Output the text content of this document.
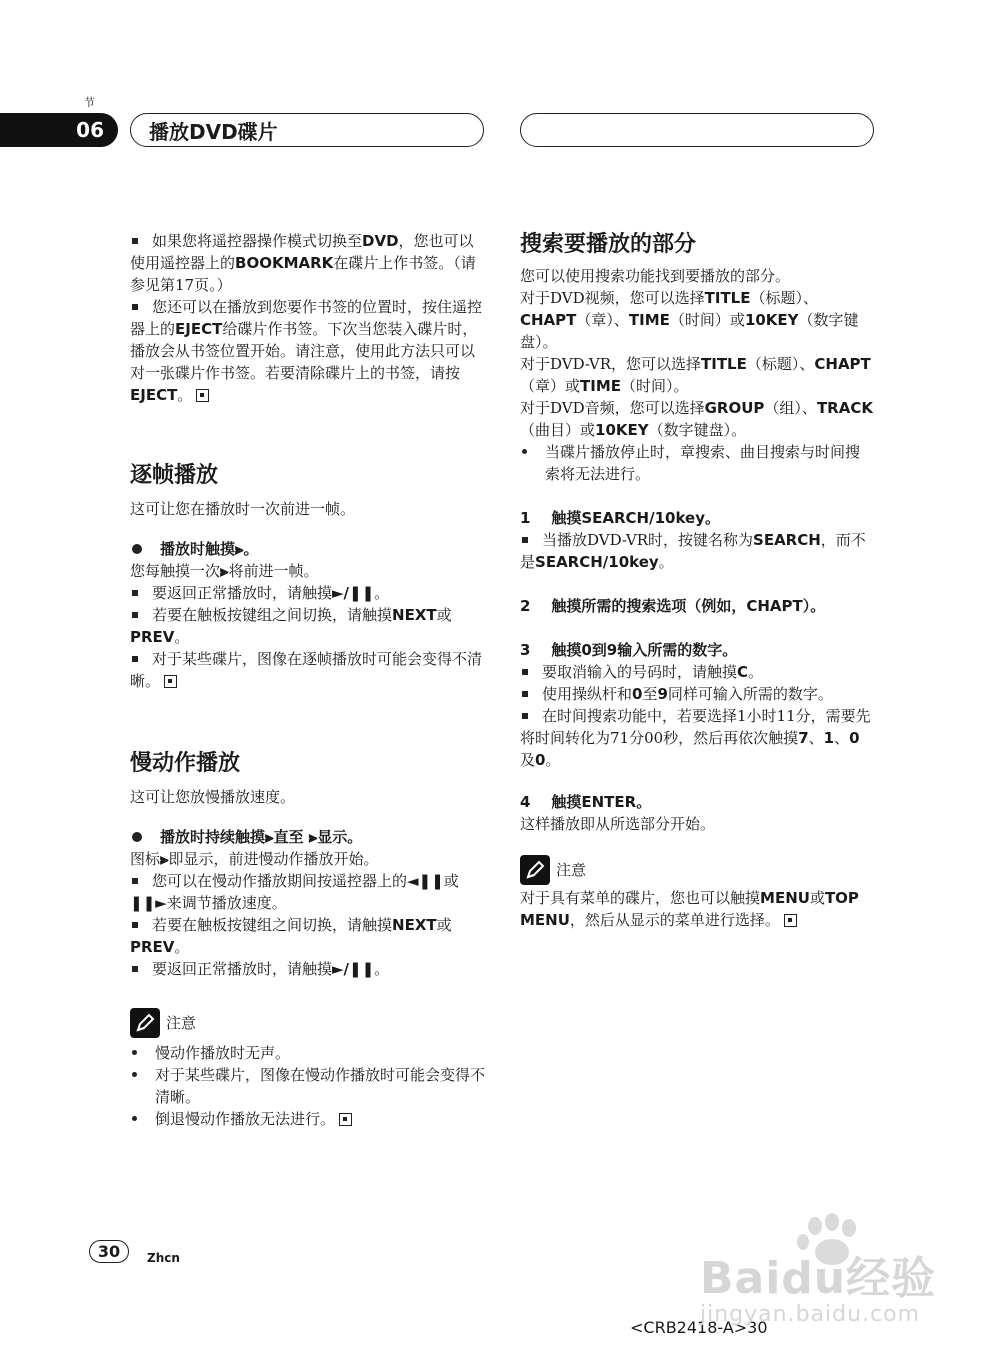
节
06	播放DVD碟片

如果您将遥控器操作模式切换至DVD，您也可以使用遥控器上的BOOKMARK在碟片上作书签。（请参见第17页。）

您还可以在播放到您要作书签的位置时，按住遥控器上的EJECT给碟片作书签。下次当您装入碟片时，播放会从书签位置开始。请注意，使用此方法只可以对一张碟片作书签。若要清除碟片上的书签，请按EJECT。

逐帧播放

这可让您在播放时一次前进一帧。

播放时触摸⫸。

您每触摸一次⫸将前进一帧。

要返回正常播放时，请触摸►/❚❚。

若要在触板按键组之间切换，请触摸NEXT或PREV。

对于某些碟片，图像在逐帧播放时可能会变得不清晰。

慢动作播放

这可让您放慢播放速度。

播放时持续触摸⫸直至 ⫸显示。

图标⫸即显示，前进慢动作播放开始。

您可以在慢动作播放期间按遥控器上的◄❚❚或❚❚►来调节播放速度。

若要在触板按键组之间切换，请触摸NEXT或PREV。

要返回正常播放时，请触摸►/❚❚。

注意

慢动作播放时无声。

对于某些碟片，图像在慢动作播放时可能会变得不清晰。

倒退慢动作播放无法进行。

搜索要播放的部分

您可以使用搜索功能找到要播放的部分。

对于DVD视频，您可以选择TITLE（标题）、CHAPT（章）、TIME（时间）或10KEY（数字键盘）。

对于DVD-VR，您可以选择TITLE（标题）、CHAPT（章）或TIME（时间）。

对于DVD音频，您可以选择GROUP（组）、TRACK（曲目）或10KEY（数字键盘）。

当碟片播放停止时，章搜索、曲目搜索与时间搜索将无法进行。

1 触摸SEARCH/10key。

当播放DVD-VR时，按键名称为SEARCH，而不是SEARCH/10key。

2 触摸所需的搜索选项（例如，CHAPT）。

3 触摸0到9输入所需的数字。

要取消输入的号码时，请触摸C。

使用操纵杆和0至9同样可输入所需的数字。

在时间搜索功能中，若要选择1小时11分，需要先将时间转化为71分00秒，然后再依次触摸7、1、0及0。

4 触摸ENTER。

这样播放即从所选部分开始。

注意

对于具有菜单的碟片，您也可以触摸MENU或TOP MENU，然后从显示的菜单进行选择。

30	Zhcn
<CRB2418-A>30
Baidu经验
jingyan.baidu.com
